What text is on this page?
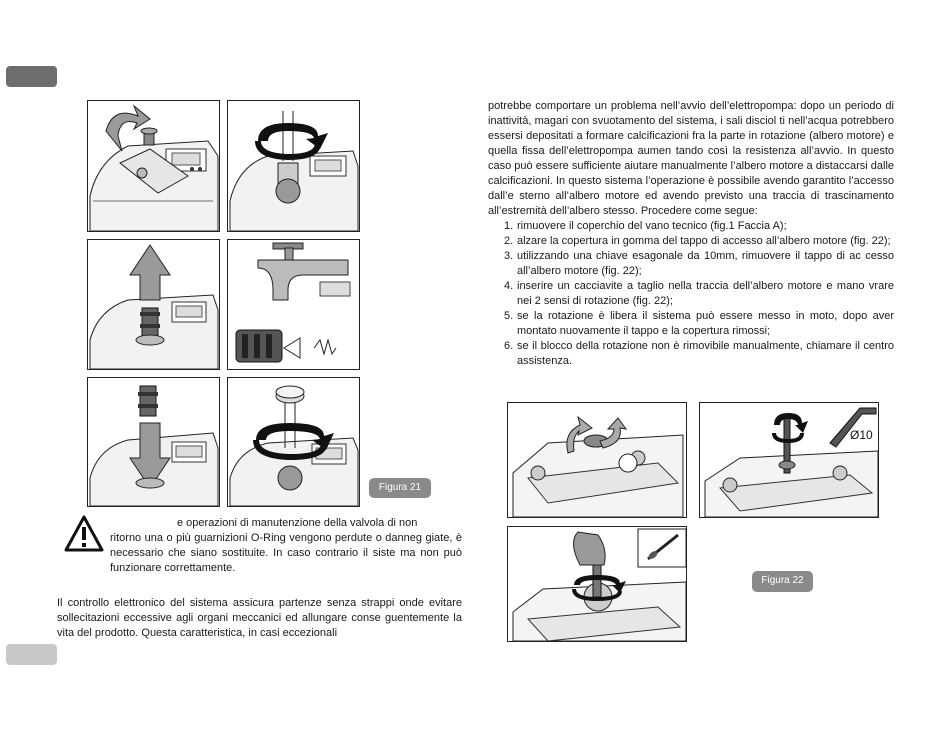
Figura 21
e operazioni di manutenzione della valvola di non
ritorno una o più guarnizioni O-Ring vengono perdute o danneg giate, è necessario che siano sostituite. In caso contrario il siste ma non può funzionare correttamente.
Il controllo elettronico del sistema assicura partenze senza strappi onde evitare sollecitazioni eccessive agli organi meccanici ed allungare conse guentemente la vita del prodotto. Questa caratteristica, in casi eccezionali

potrebbe comportare un problema nell’avvio dell’elettropompa: dopo un periodo di inattività, magari con svuotamento del sistema, i sali disciol ti nell’acqua potrebbero essersi depositati a formare calcificazioni fra la parte in rotazione (albero motore) e quella fissa dell’elettropompa aumen tando così la resistenza all’avvio. In questo caso può essere sufficiente aiutare manualmente l’albero motore a distaccarsi dalle calcificazioni. In questo sistema l’operazione è possibile avendo garantito l’accesso dall’e sterno all’albero motore ed avendo previsto una traccia di trascinamento all’estremità dell’albero stesso. Procedere come segue:

1. rimuovere il coperchio del vano tecnico (fig.1 Faccia A);
2. alzare la copertura in gomma del tappo di accesso all’albero motore (fig. 22);
3. utilizzando una chiave esagonale da 10mm, rimuovere il tappo di ac cesso all’albero motore (fig. 22);
4. inserire un cacciavite a taglio nella traccia dell’albero motore e mano vrare nei 2 sensi di rotazione (fig. 22);
5. se la rotazione è libera il sistema può essere messo in moto, dopo aver montato nuovamente il tappo e la copertura rimossi;
6. se il blocco della rotazione non è rimovibile manualmente, chiamare il centro assistenza.
Ø10
Figura 22
